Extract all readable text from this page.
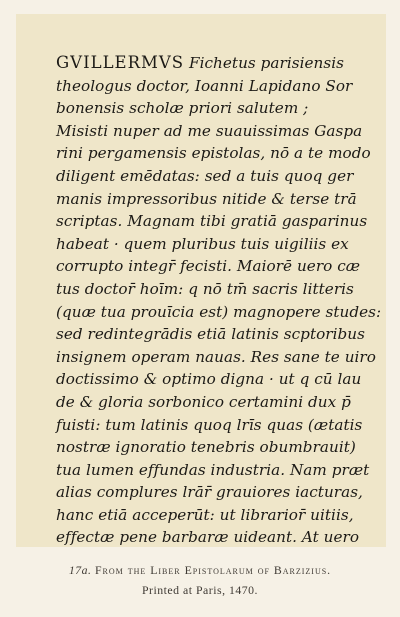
GVILLERMVS Fichetus parisiensis
theologus doctor, Ioanni Lapidano Sor
bonensis scholæ priori salutem ;
Misisti nuper ad me suauissimas Gaspa
rini pergamensis epistolas, nō a te modo
diligent emēdatas: sed a tuis quoq ger
manis impressoribus nitide & terse trā
scriptas. Magnam tibi gratiā gasparinus
habeat · quem pluribus tuis uigiliis ex
corrupto integr̄ fecisti. Maiorē uero cæ
tus doctor̄ hoīm: q nō tm̄ sacris litteris
(quæ tua prouīcia est) magnopere studes:
sed redintegrādis etiā latinis scptoribus
insignem operam nauas. Res sane te uiro
doctissimo & optimo digna · ut q cū lau
de & gloria sorbonico certamini dux p̄
fuisti: tum latinis quoq lrīs quas (ætatis
nostræ ignoratio tenebris obumbrauit)
tua lumen effundas industria. Nam præt
alias complures lrār̄ grauiores iacturas,
hanc etiā acceperūt: ut librarior̄ uitiis,
effectæ pene barbaræ uideant. At uero
17a. From the Liber Epistolarum of Barzizius.
Printed at Paris, 1470.
